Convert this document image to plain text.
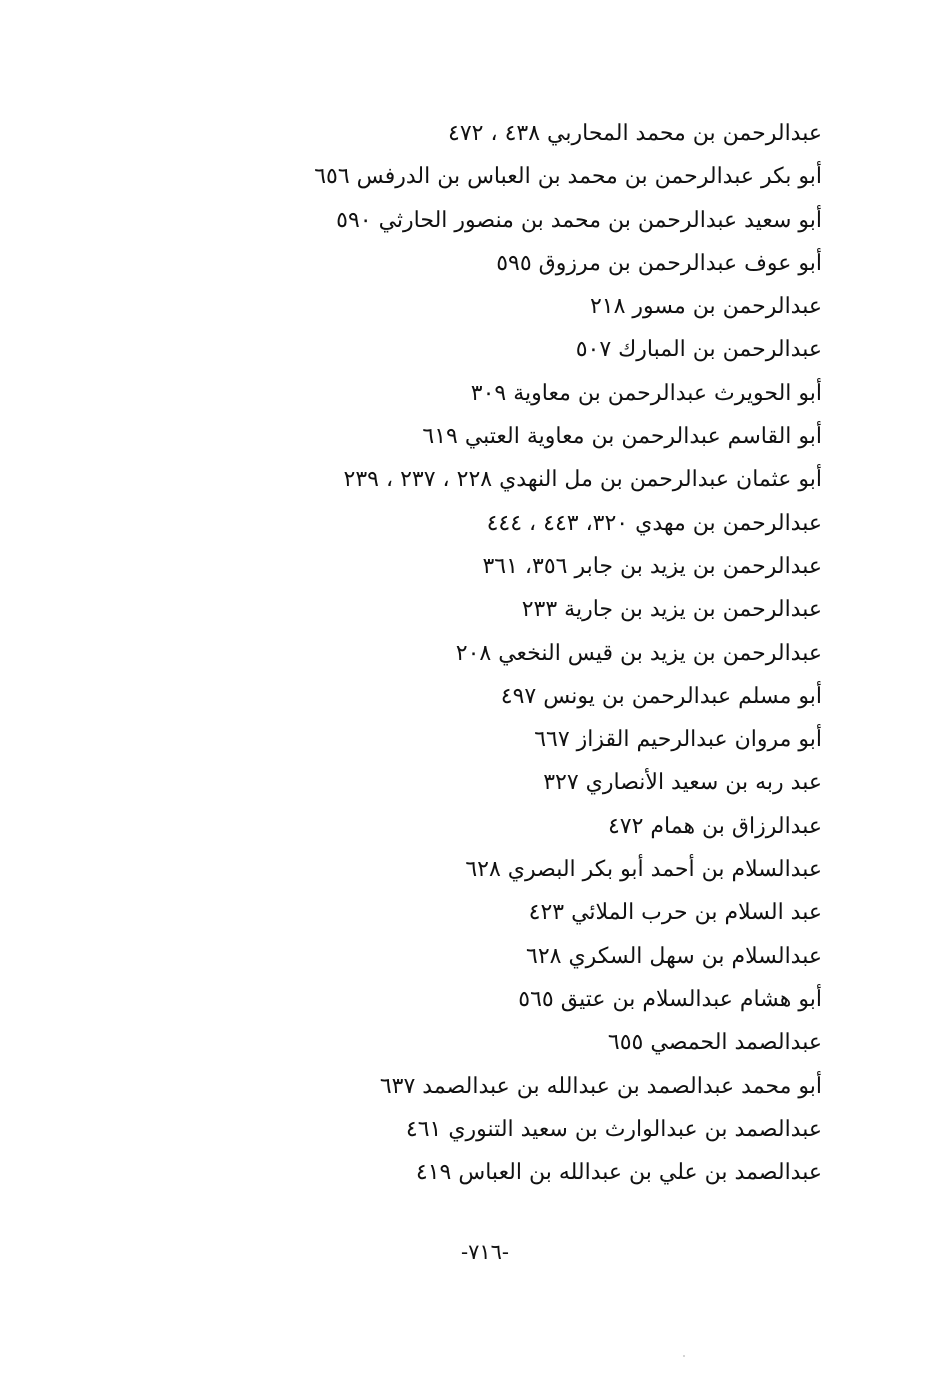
عبدالرحمن بن محمد المحاربي ٤٣٨ ، ٤٧٢
أبو بكر عبدالرحمن بن محمد بن العباس بن الدرفس ٦٥٦
أبو سعيد عبدالرحمن بن محمد بن منصور الحارثي ٥٩٠
أبو عوف عبدالرحمن بن مرزوق ٥٩٥
عبدالرحمن بن مسور ٢١٨
عبدالرحمن بن المبارك ٥٠٧
أبو الحويرث عبدالرحمن بن معاوية ٣٠٩
أبو القاسم عبدالرحمن بن معاوية العتبي ٦١٩
أبو عثمان عبدالرحمن بن مل النهدي ٢٢٨ ، ٢٣٧ ، ٢٣٩
عبدالرحمن بن مهدي ٣٢٠، ٤٤٣ ، ٤٤٤
عبدالرحمن بن يزيد بن جابر ٣٥٦، ٣٦١
عبدالرحمن بن يزيد بن جارية ٢٣٣
عبدالرحمن بن يزيد بن قيس النخعي ٢٠٨
أبو مسلم عبدالرحمن بن يونس ٤٩٧
أبو مروان عبدالرحيم القزاز ٦٦٧
عبد ربه بن سعيد الأنصاري ٣٢٧
عبدالرزاق بن همام ٤٧٢
عبدالسلام بن أحمد أبو بكر البصري ٦٢٨
عبد السلام بن حرب الملائي ٤٢٣
عبدالسلام بن سهل السكري ٦٢٨
أبو هشام عبدالسلام بن عتيق ٥٦٥
عبدالصمد الحمصي ٦٥٥
أبو محمد عبدالصمد بن عبدالله بن عبدالصمد ٦٣٧
عبدالصمد بن عبدالوارث بن سعيد التنوري ٤٦١
عبدالصمد بن علي بن عبدالله بن العباس ٤١٩
-٧١٦-
